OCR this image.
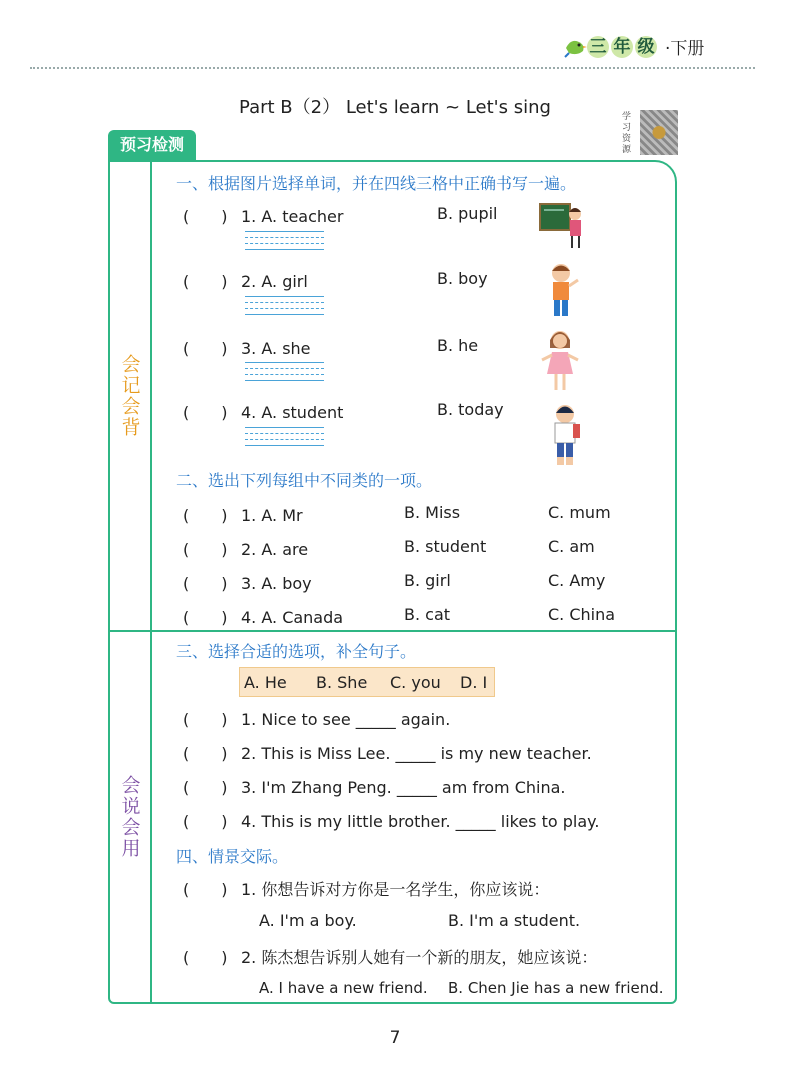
三 年 级 ·下册
Part B（2） Let's learn ~ Let's sing	学习资源
预习检测
会记会背
会说会用
一、根据图片选择单词，并在四线三格中正确书写一遍。
(　　) 1. A. teacher	B. pupil
(　　) 2. A. girl	B. boy
(　　) 3. A. she	B. he
(　　) 4. A. student	B. today
二、选出下列每组中不同类的一项。
(　　) 1. A. Mr	B. Miss	C. mum
(　　) 2. A. are	B. student	C. am
(　　) 3. A. boy	B. girl	C. Amy
(　　) 4. A. Canada	B. cat	C. China
三、选择合适的选项，补全句子。
A. He B. She C. you D. I
(　　) 1. Nice to see _____ again.
(　　) 2. This is Miss Lee. _____ is my new teacher.
(　　) 3. I'm Zhang Peng. _____ am from China.
(　　) 4. This is my little brother. _____ likes to play.
四、情景交际。
(　　) 1. 你想告诉对方你是一名学生，你应该说：
A. I'm a boy.	B. I'm a student.
(　　) 2. 陈杰想告诉别人她有一个新的朋友，她应该说：
A. I have a new friend. B. Chen Jie has a new friend.
7
